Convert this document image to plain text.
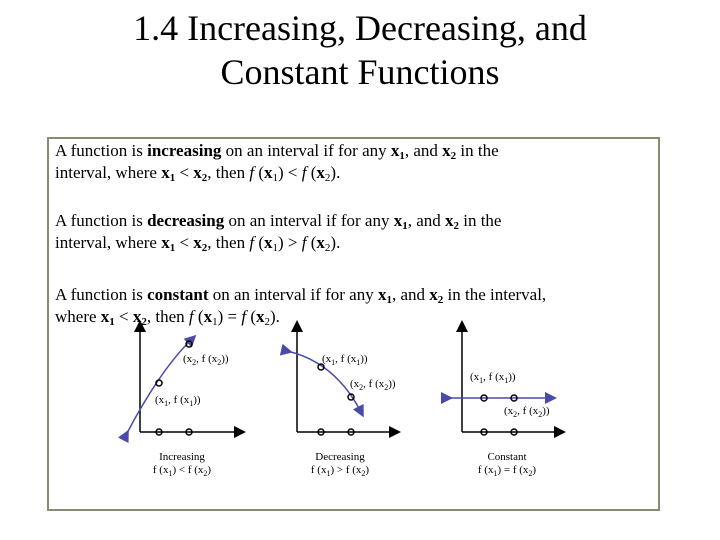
1.4 Increasing, Decreasing, and
Constant Functions
A function is increasing on an interval if for any $x_1$, and $x_2$ in the
interval, where $x_1 < x_2$, then f $(x_1) < f$ $(x_2)$.
A function is decreasing on an interval if for any $x_1$, and $x_2$ in the
interval, where $x_1 < x_2$, then f $(x_1) > f$ $(x_2)$.
A function is constant on an interval if for any $x_1$, and $x_2$ in the interval,
where $x_1 < x_2$, then f $(x_1) = f$ $(x_2)$.
($x_2$, f $(x_2)$)
($x_1$, f $(x_1)$)
Increasing
f $(x_1) < f$ $(x_2)$
($x_1$, f $(x_1)$)
($x_2$, f $(x_2)$)
Decreasing
f $(x_1) > f$ $(x_2)$
($x_1$, f $(x_1)$)
($x_2$, f $(x_2)$)
Constant
f $(x_1) = f$ $(x_2)$
